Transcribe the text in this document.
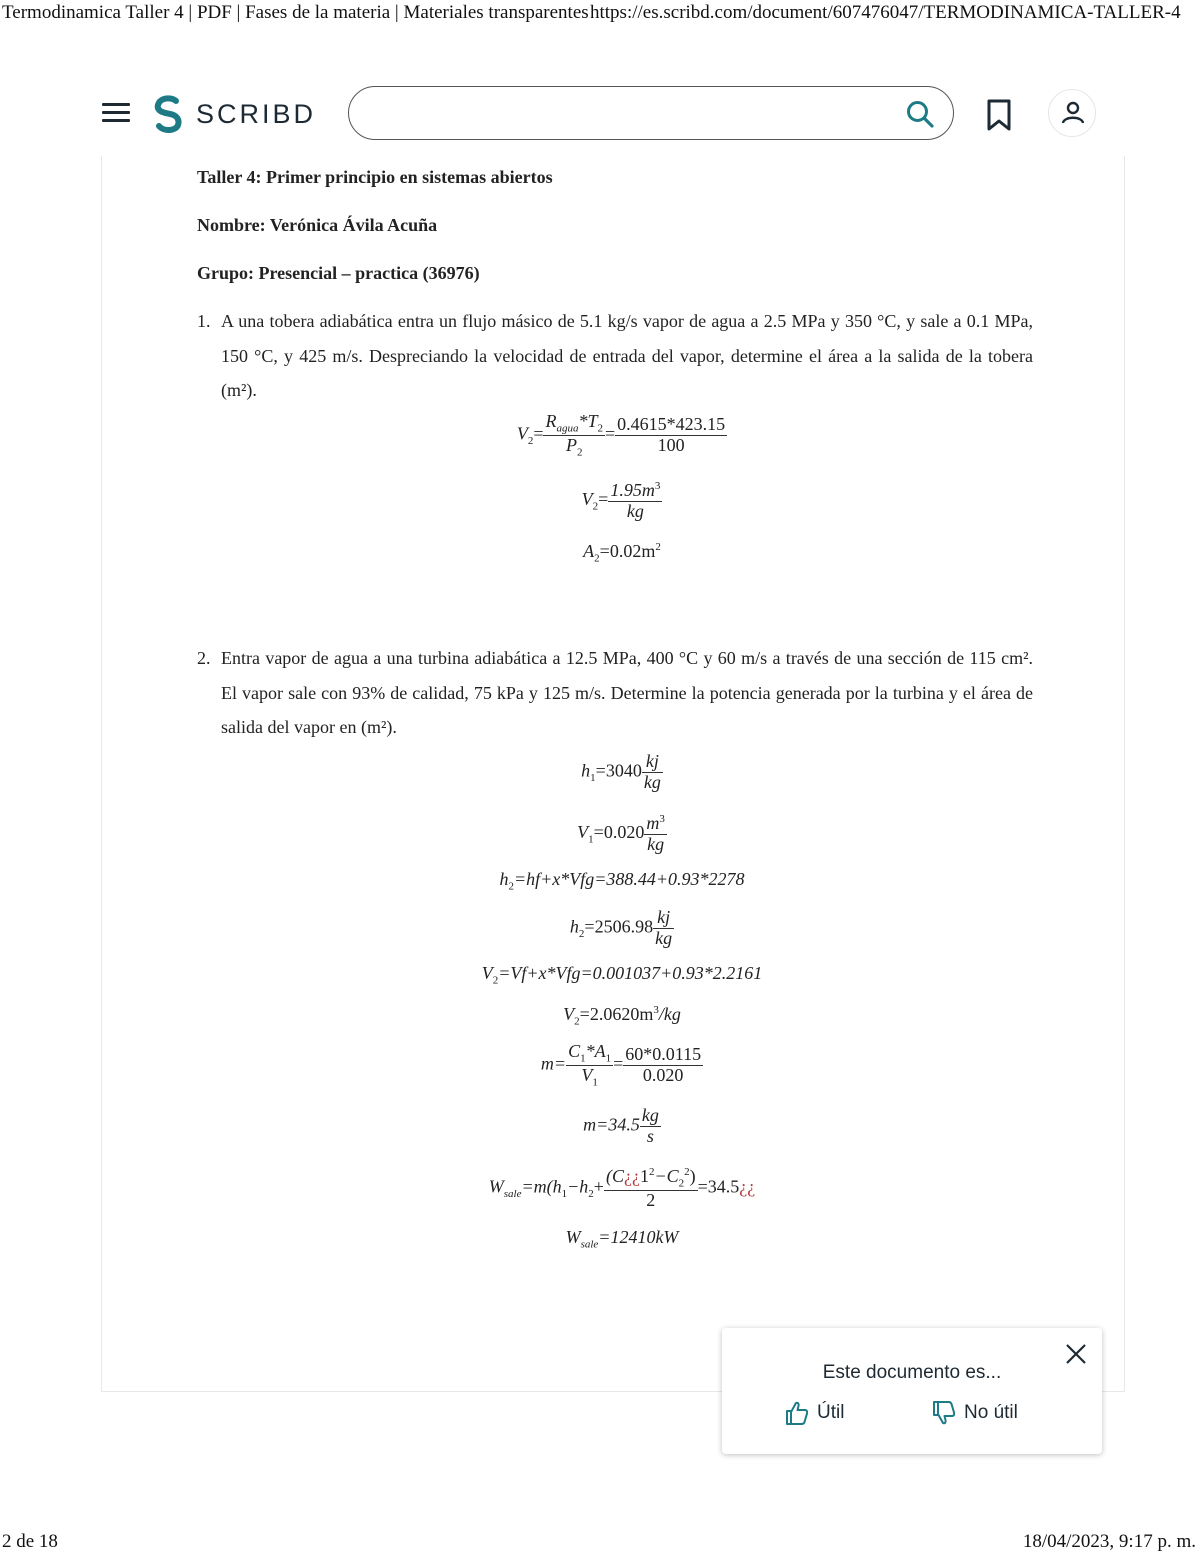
Termodinamica Taller 4 | PDF | Fases de la materia | Materiales transparentes https://es.scribd.com/document/607476047/TERMODINAMICA-TALLER-4
2 de 18	18/04/2023, 9:17 p. m.
SCRIBD
Taller 4: Primer principio en sistemas abiertos
Nombre: Verónica Ávila Acuña
Grupo: Presencial – practica (36976)
1. A una tobera adiabática entra un flujo másico de 5.1 kg/s vapor de agua a 2.5 MPa y 350 °C, y sale a 0.1 MPa, 150 °C, y 425 m/s. Despreciando la velocidad de entrada del vapor, determine el área a la salida de la tobera (m²).
$V_2= \frac{R_{agua}*T_2}{P_2} = \frac{0.4615*423.15}{100}$
$V_2= \frac{1.95m^3}{kg}$
$A_2=0.02m^2$
2. Entra vapor de agua a una turbina adiabática a 12.5 MPa, 400 °C y 60 m/s a través de una sección de 115 cm². El vapor sale con 93% de calidad, 75 kPa y 125 m/s. Determine la potencia generada por la turbina y el área de salida del vapor en (m²).
$h_1=3040 \frac{kj}{kg}$
$V_1=0.020 \frac{m^3}{kg}$
$h_2=hf+x*Vfg=388.44+0.93*2278$
$h_2=2506.98 \frac{kj}{kg}$
$V_2=Vf+x*Vfg=0.001037+0.93*2.2161$
$V_2=2.0620m^3/kg$
$m= \frac{C_1*A_1}{V_1} = \frac{60*0.0115}{0.020}$
$m=34.5 \frac{kg}{s}$
$W_{sale}=m(h_1-h_2+ \frac{(C¿¿1^2-C_2^2)}{2}$ =34.5¿¿
$W_{sale}=12410kW$
Este documento es...
Útil	No útil
